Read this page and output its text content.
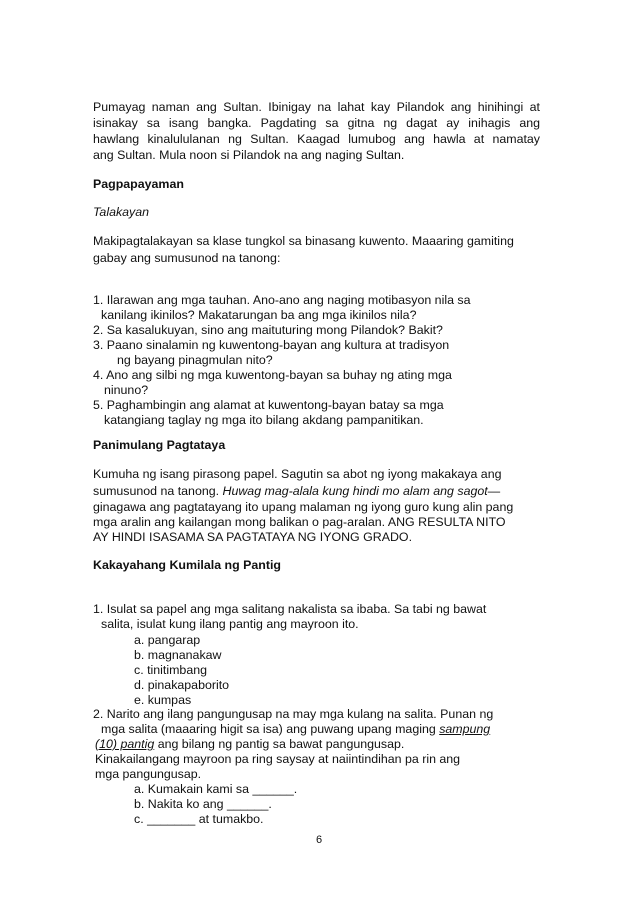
Pumayag naman ang Sultan. Ibinigay na lahat kay Pilandok ang hinihingi at
isinakay sa isang bangka. Pagdating sa gitna ng dagat ay inihagis ang
hawlang kinalululanan ng Sultan. Kaagad lumubog ang hawla at namatay
ang Sultan. Mula noon si Pilandok na ang naging Sultan.
Pagpapayaman
Talakayan
Makipagtalakayan sa klase tungkol sa binasang kuwento. Maaaring gamiting
gabay ang sumusunod na tanong:
1. Ilarawan ang mga tauhan. Ano-ano ang naging motibasyon nila sa
kanilang ikinilos? Makatarungan ba ang mga ikinilos nila?
2. Sa kasalukuyan, sino ang maituturing mong Pilandok? Bakit?
3. Paano sinalamin ng kuwentong-bayan ang kultura at tradisyon
ng bayang pinagmulan nito?
4. Ano ang silbi ng mga kuwentong-bayan sa buhay ng ating mga
ninuno?
5. Paghambingin ang alamat at kuwentong-bayan batay sa mga
katangiang taglay ng mga ito bilang akdang pampanitikan.
Panimulang Pagtataya
Kumuha ng isang pirasong papel. Sagutin sa abot ng iyong makakaya ang
sumusunod na tanong. Huwag mag-alala kung hindi mo alam ang sagot—
ginagawa ang pagtatayang ito upang malaman ng iyong guro kung alin pang
mga aralin ang kailangan mong balikan o pag-aralan. ANG RESULTA NITO
AY HINDI ISASAMA SA PAGTATAYA NG IYONG GRADO.
Kakayahang Kumilala ng Pantig
1. Isulat sa papel ang mga salitang nakalista sa ibaba. Sa tabi ng bawat
salita, isulat kung ilang pantig ang mayroon ito.
a. pangarap
b. magnanakaw
c. tinitimbang
d. pinakapaborito
e. kumpas
2. Narito ang ilang pangungusap na may mga kulang na salita. Punan ng
mga salita (maaaring higit sa isa) ang puwang upang maging sampung
(10) pantig ang bilang ng pantig sa bawat pangungusap.
Kinakailangang mayroon pa ring saysay at naiintindihan pa rin ang
mga pangungusap.
a. Kumakain kami sa ______.
b. Nakita ko ang ______.
c. _______ at tumakbo.
6
